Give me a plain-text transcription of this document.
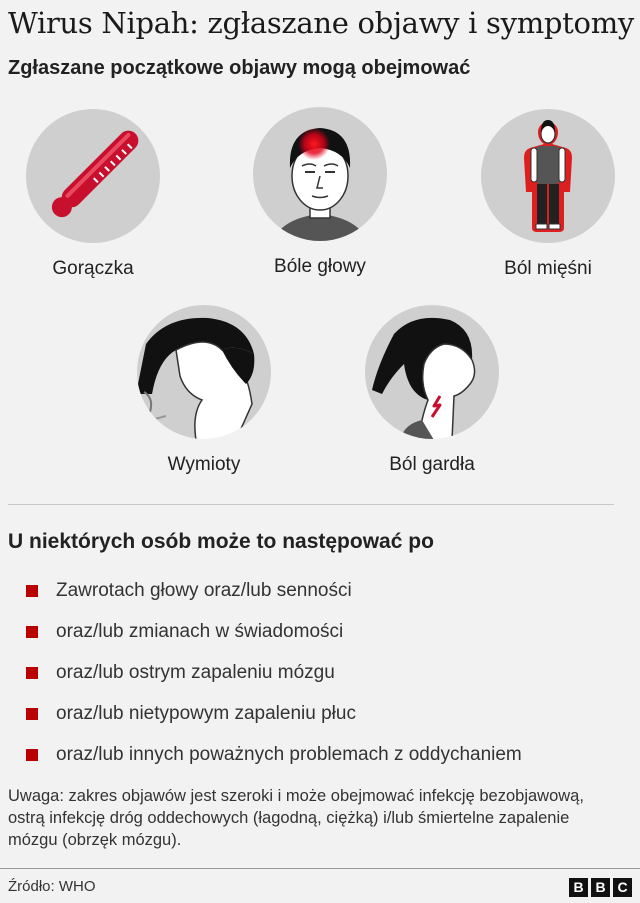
Wirus Nipah: zgłaszane objawy i symptomy
Zgłaszane początkowe objawy mogą obejmować
Gorączka	Bóle głowy	Ból mięśni
Wymioty	Ból gardła
U niektórych osób może to następować po
Zawrotach głowy oraz/lub senności
oraz/lub zmianach w świadomości
oraz/lub ostrym zapaleniu mózgu
oraz/lub nietypowym zapaleniu płuc
oraz/lub innych poważnych problemach z oddychaniem
Uwaga: zakres objawów jest szeroki i może obejmować infekcję bezobjawową, ostrą infekcję dróg oddechowych (łagodną, ciężką) i/lub śmiertelne zapalenie mózgu (obrzęk mózgu).
Źródło: WHO	B B C
